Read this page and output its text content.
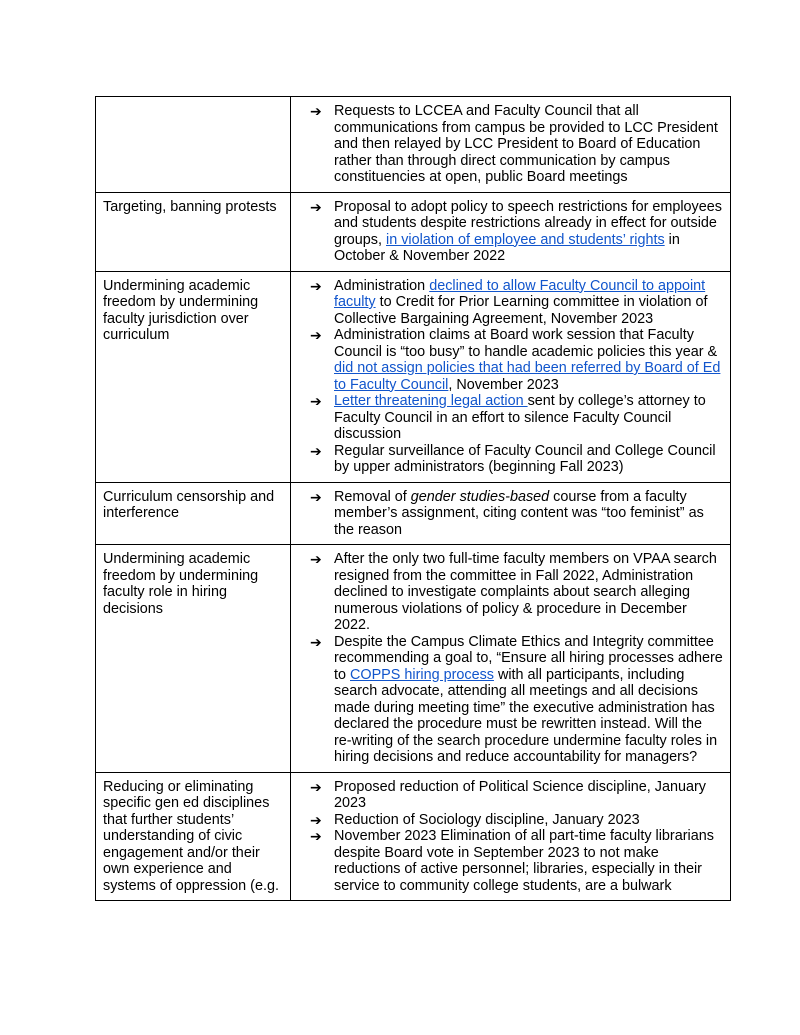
	➔ Requests to LCCEA and Faculty Council that all communications from campus be provided to LCC President and then relayed by LCC President to Board of Education rather than through direct communication by campus constituencies at open, public Board meetings

Targeting, banning protests	➔ Proposal to adopt policy to speech restrictions for employees and students despite restrictions already in effect for outside groups, in violation of employee and students’ rights in October & November 2022

Undermining academic freedom by undermining faculty jurisdiction over curriculum	
➔ Administration declined to allow Faculty Council to appoint faculty to Credit for Prior Learning committee in violation of Collective Bargaining Agreement, November 2023
➔ Administration claims at Board work session that Faculty Council is “too busy” to handle academic policies this year & did not assign policies that had been referred by Board of Ed to Faculty Council, November 2023
➔ Letter threatening legal action sent by college’s attorney to Faculty Council in an effort to silence Faculty Council discussion
➔ Regular surveillance of Faculty Council and College Council by upper administrators (beginning Fall 2023)

Curriculum censorship and interference	➔ Removal of gender studies-based course from a faculty member’s assignment, citing content was “too feminist” as the reason

Undermining academic freedom by undermining faculty role in hiring decisions	➔ After the only two full-time faculty members on VPAA search resigned from the committee in Fall 2022, Administration declined to investigate complaints about search alleging numerous violations of policy & procedure in December 2022.
➔ Despite the Campus Climate Ethics and Integrity committee recommending a goal to, “Ensure all hiring processes adhere to COPPS hiring process with all participants, including search advocate, attending all meetings and all decisions made during meeting time” the executive administration has declared the procedure must be rewritten instead. Will the re-writing of the search procedure undermine faculty roles in hiring decisions and reduce accountability for managers?

Reducing or eliminating specific gen ed disciplines that further students’ understanding of civic engagement and/or their own experience and systems of oppression (e.g.	
➔ Proposed reduction of Political Science discipline, January 2023
➔ Reduction of Sociology discipline, January 2023
➔ November 2023 Elimination of all part-time faculty librarians despite Board vote in September 2023 to not make reductions of active personnel; libraries, especially in their service to community college students, are a bulwark
